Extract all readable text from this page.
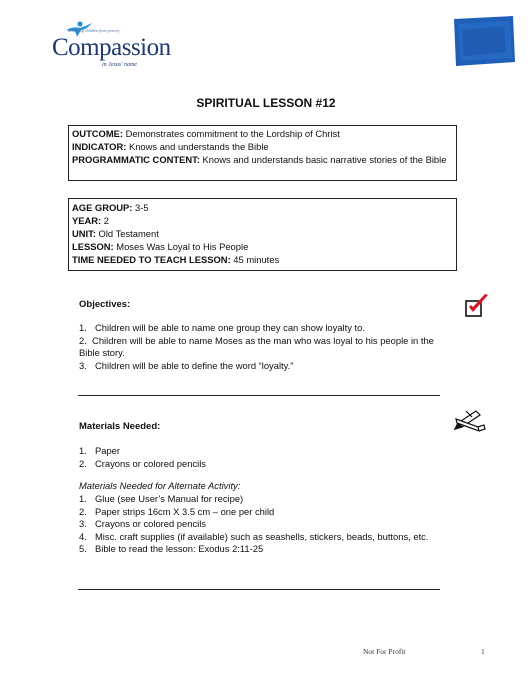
Releasing children from poverty
Compassion
in Jesus' name
SPIRITUAL LESSON #12
OUTCOME: Demonstrates commitment to the Lordship of Christ
INDICATOR: Knows and understands the Bible
PROGRAMMATIC CONTENT: Knows and understands basic narrative stories of the Bible
AGE GROUP: 3-5
YEAR: 2
UNIT: Old Testament
LESSON: Moses Was Loyal to His People
TIME NEEDED TO TEACH LESSON: 45 minutes
Objectives:
1. Children will be able to name one group they can show loyalty to.
2. Children will be able to name Moses as the man who was loyal to his people in the Bible story.
3. Children will be able to define the word “loyalty.”
Materials Needed:
1. Paper
2. Crayons or colored pencils
Materials Needed for Alternate Activity:
1. Glue (see User’s Manual for recipe)
2. Paper strips 16cm X 3.5 cm – one per child
3. Crayons or colored pencils
4. Misc. craft supplies (if available) such as seashells, stickers, beads, buttons, etc.
5. Bible to read the lesson: Exodus 2:11-25
Not For Profit	1
